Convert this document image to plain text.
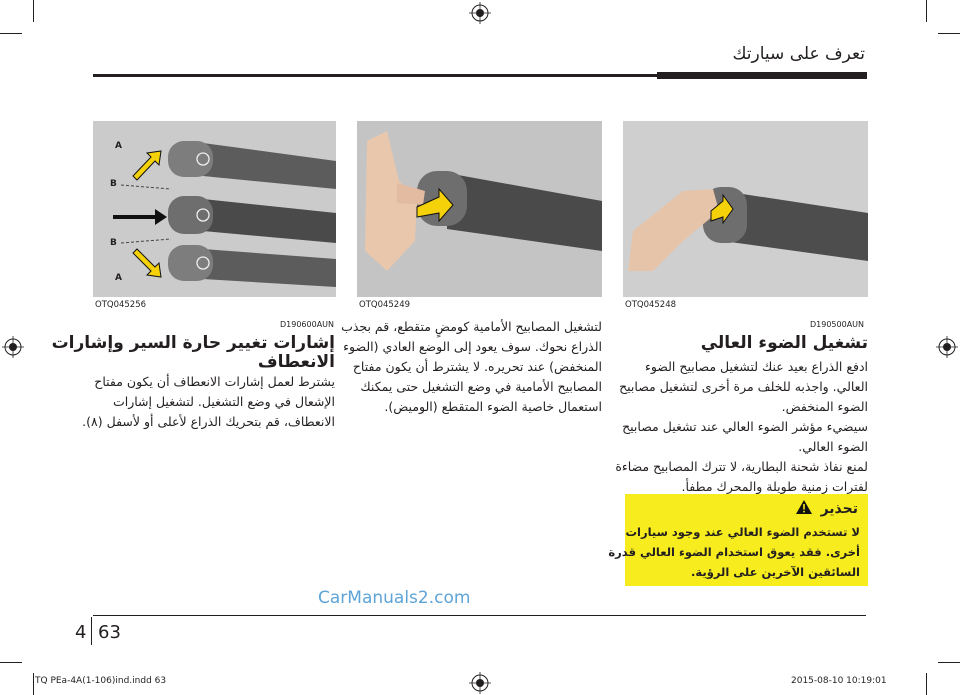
تعرف على سيارتك
A
B
B
A
OTQ045256	OTQ045249	OTQ045248
D190600AUN	D190500AUN
تشغيل الضوء العالي

ادفع الذراع بعيد عنك لتشغيل مصابيح الضوء

العالي. واجذبه للخلف مرة أخرى لتشغيل مصابيح

الضوء المنخفض.

سيضيء مؤشر الضوء العالي عند تشغيل مصابيح

الضوء العالي.

لمنع نفاذ شحنة البطارية، لا تترك المصابيح مضاءة

لفترات زمنية طويلة والمحرك مطفأ.

لتشغيل المصابيح الأمامية كومضٍ متقطع، قم بجذب

الذراع نحوك. سوف يعود إلى الوضع العادي (الضوء

المنخفض) عند تحريره. لا يشترط أن يكون مفتاح

المصابيح الأمامية في وضع التشغيل حتى يمكنك

استعمال خاصية الضوء المتقطع (الوميض).

إشارات تغيير حارة السير وإشارات
الانعطاف

يشترط لعمل إشارات الانعطاف أن يكون مفتاح

الإشعال في وضع التشغيل. لتشغيل إشارات

الانعطاف، قم بتحريك الذراع لأعلى أو لأسفل (٨).

تحذير

لا تستخدم الضوء العالي عند وجود سيارات

أخرى. فقد يعوق استخدام الضوء العالي قدرة

السائقين الآخرين على الرؤية.

CarManuals2.com
4 63
TQ PEa-4A(1-106)ind.indd 63	2015-08-10 10:19:01
